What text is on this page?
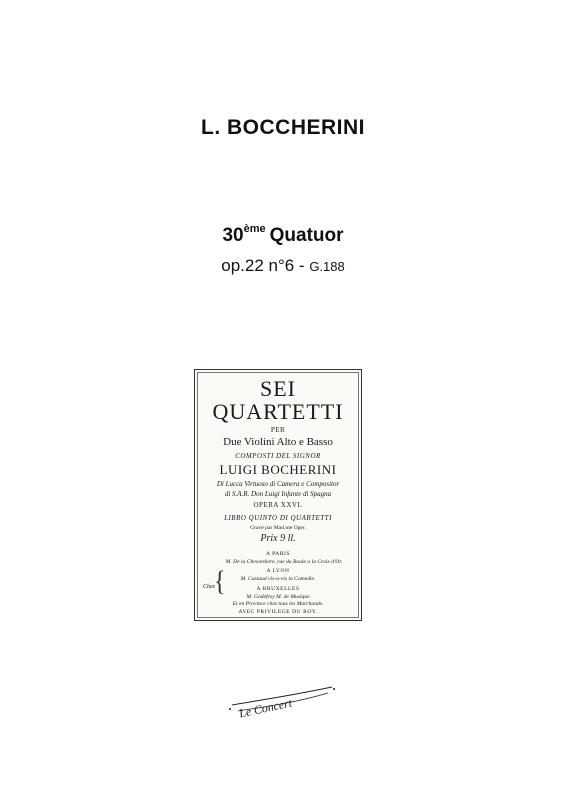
L. BOCCHERINI
30ème Quatuor
op.22 n°6 - G.188
SEI
QUARTETTI
PER
Due Violini Alto e Basso
COMPOSTI DEL SIGNOR
LUIGI BOCHERINI
Di Lucca Virtuoso di Camera e Compositor
di S.A.R. Don Luigi Infante di Spagna
OPERA XXVI.
LIBRO QUINTO DI QUARTETTI
Gravé par Mad.me Oger.
Prix 9 ll.
A PARIS
M. De la Chevardiere, rue du Roule a la Croix d'Or.
A LYON
M. Castaud vis-a-vis la Comedie.
A BRUXELLES
M. Godefroy M. de Musique
Et en Province chez tous les Marchands.
AVEC PRIVILEGE DU ROY.
Chez {
Le Concert
